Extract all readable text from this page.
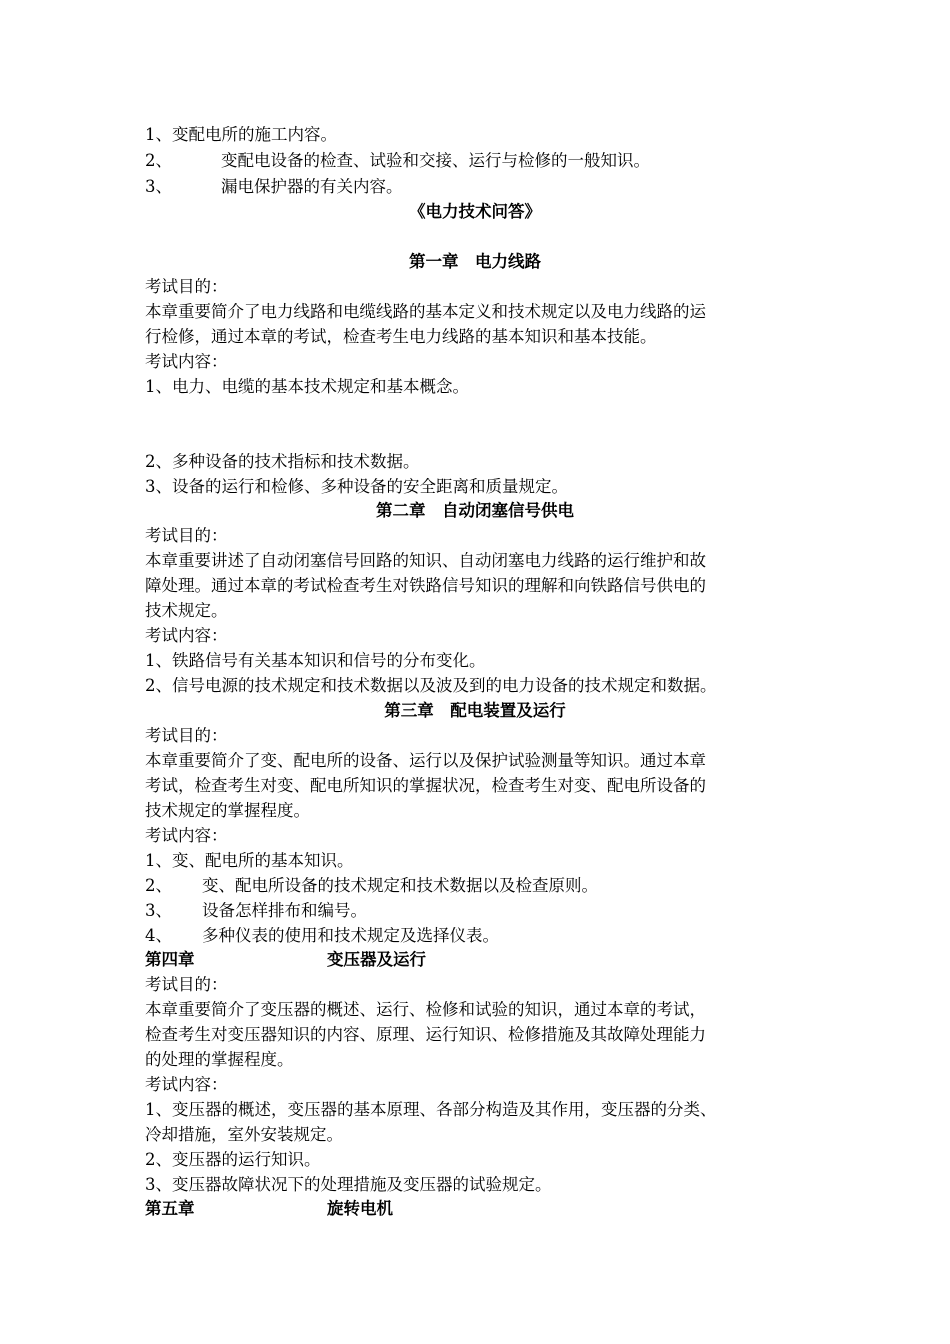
1、变配电所的施工内容。
2、	变配电设备的检查、试验和交接、运行与检修的一般知识。
3、	漏电保护器的有关内容。
《电力技术问答》
第一章　电力线路
考试目的：
本章重要简介了电力线路和电缆线路的基本定义和技术规定以及电力线路的运
行检修，通过本章的考试，检查考生电力线路的基本知识和基本技能。
考试内容：
1、电力、电缆的基本技术规定和基本概念。
2、多种设备的技术指标和技术数据。
3、设备的运行和检修、多种设备的安全距离和质量规定。
第二章　自动闭塞信号供电
考试目的：
本章重要讲述了自动闭塞信号回路的知识、自动闭塞电力线路的运行维护和故
障处理。通过本章的考试检查考生对铁路信号知识的理解和向铁路信号供电的
技术规定。
考试内容：
1、铁路信号有关基本知识和信号的分布变化。
2、信号电源的技术规定和技术数据以及波及到的电力设备的技术规定和数据。
第三章　配电装置及运行
考试目的：
本章重要简介了变、配电所的设备、运行以及保护试验测量等知识。通过本章
考试，检查考生对变、配电所知识的掌握状况，检查考生对变、配电所设备的
技术规定的掌握程度。
考试内容：
1、变、配电所的基本知识。
2、 变、配电所设备的技术规定和技术数据以及检查原则。
3、 设备怎样排布和编号。
4、 多种仪表的使用和技术规定及选择仪表。
第四章	变压器及运行
考试目的：
本章重要简介了变压器的概述、运行、检修和试验的知识，通过本章的考试，
检查考生对变压器知识的内容、原理、运行知识、检修措施及其故障处理能力
的处理的掌握程度。
考试内容：
1、变压器的概述，变压器的基本原理、各部分构造及其作用，变压器的分类、
冷却措施，室外安装规定。
2、变压器的运行知识。
3、变压器故障状况下的处理措施及变压器的试验规定。
第五章	旋转电机
